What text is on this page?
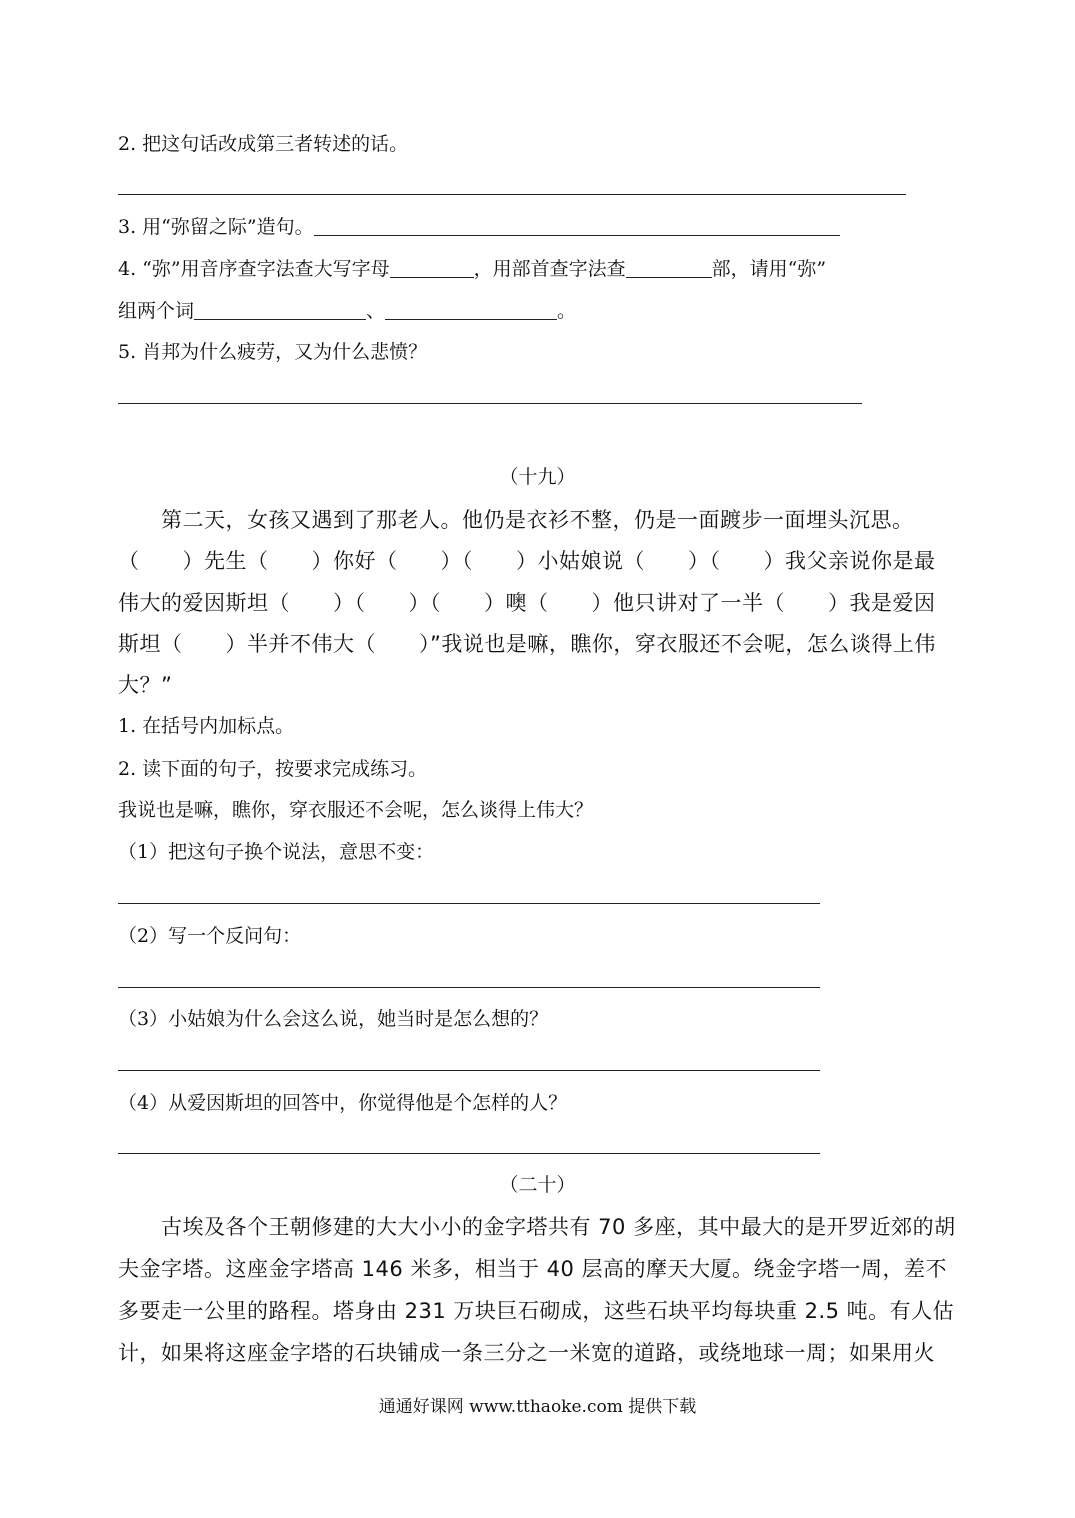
2. 把这句话改成第三者转述的话。
3. 用“弥留之际”造句。
4. “弥”用音序查字法查大写字母	，用部首查字法查	部，请用“弥”
组两个词	、	。
5. 肖邦为什么疲劳，又为什么悲愤？
（十九）
　　第二天，女孩又遇到了那老人。他仍是衣衫不整，仍是一面踱步一面埋头沉思。
（　　）先生（　　）你好（　　）（　　）小姑娘说（　　）（　　）我父亲说你是最
伟大的爱因斯坦（　　）（　　）（　　）噢（　　）他只讲对了一半（　　）我是爱因
斯坦（　　）半并不伟大（　　）”我说也是嘛，瞧你，穿衣服还不会呢，怎么谈得上伟
大？”
1. 在括号内加标点。
2. 读下面的句子，按要求完成练习。
我说也是嘛，瞧你，穿衣服还不会呢，怎么谈得上伟大？
（1）把这句子换个说法，意思不变：
（2）写一个反问句：
（3）小姑娘为什么会这么说，她当时是怎么想的？
（4）从爱因斯坦的回答中，你觉得他是个怎样的人？
（二十）
　　古埃及各个王朝修建的大大小小的金字塔共有 70 多座，其中最大的是开罗近郊的胡
夫金字塔。这座金字塔高 146 米多，相当于 40 层高的摩天大厦。绕金字塔一周，差不
多要走一公里的路程。塔身由 231 万块巨石砌成，这些石块平均每块重 2.5 吨。有人估
计，如果将这座金字塔的石块铺成一条三分之一米宽的道路，或绕地球一周；如果用火
通通好课网 www.tthaoke.com 提供下载
